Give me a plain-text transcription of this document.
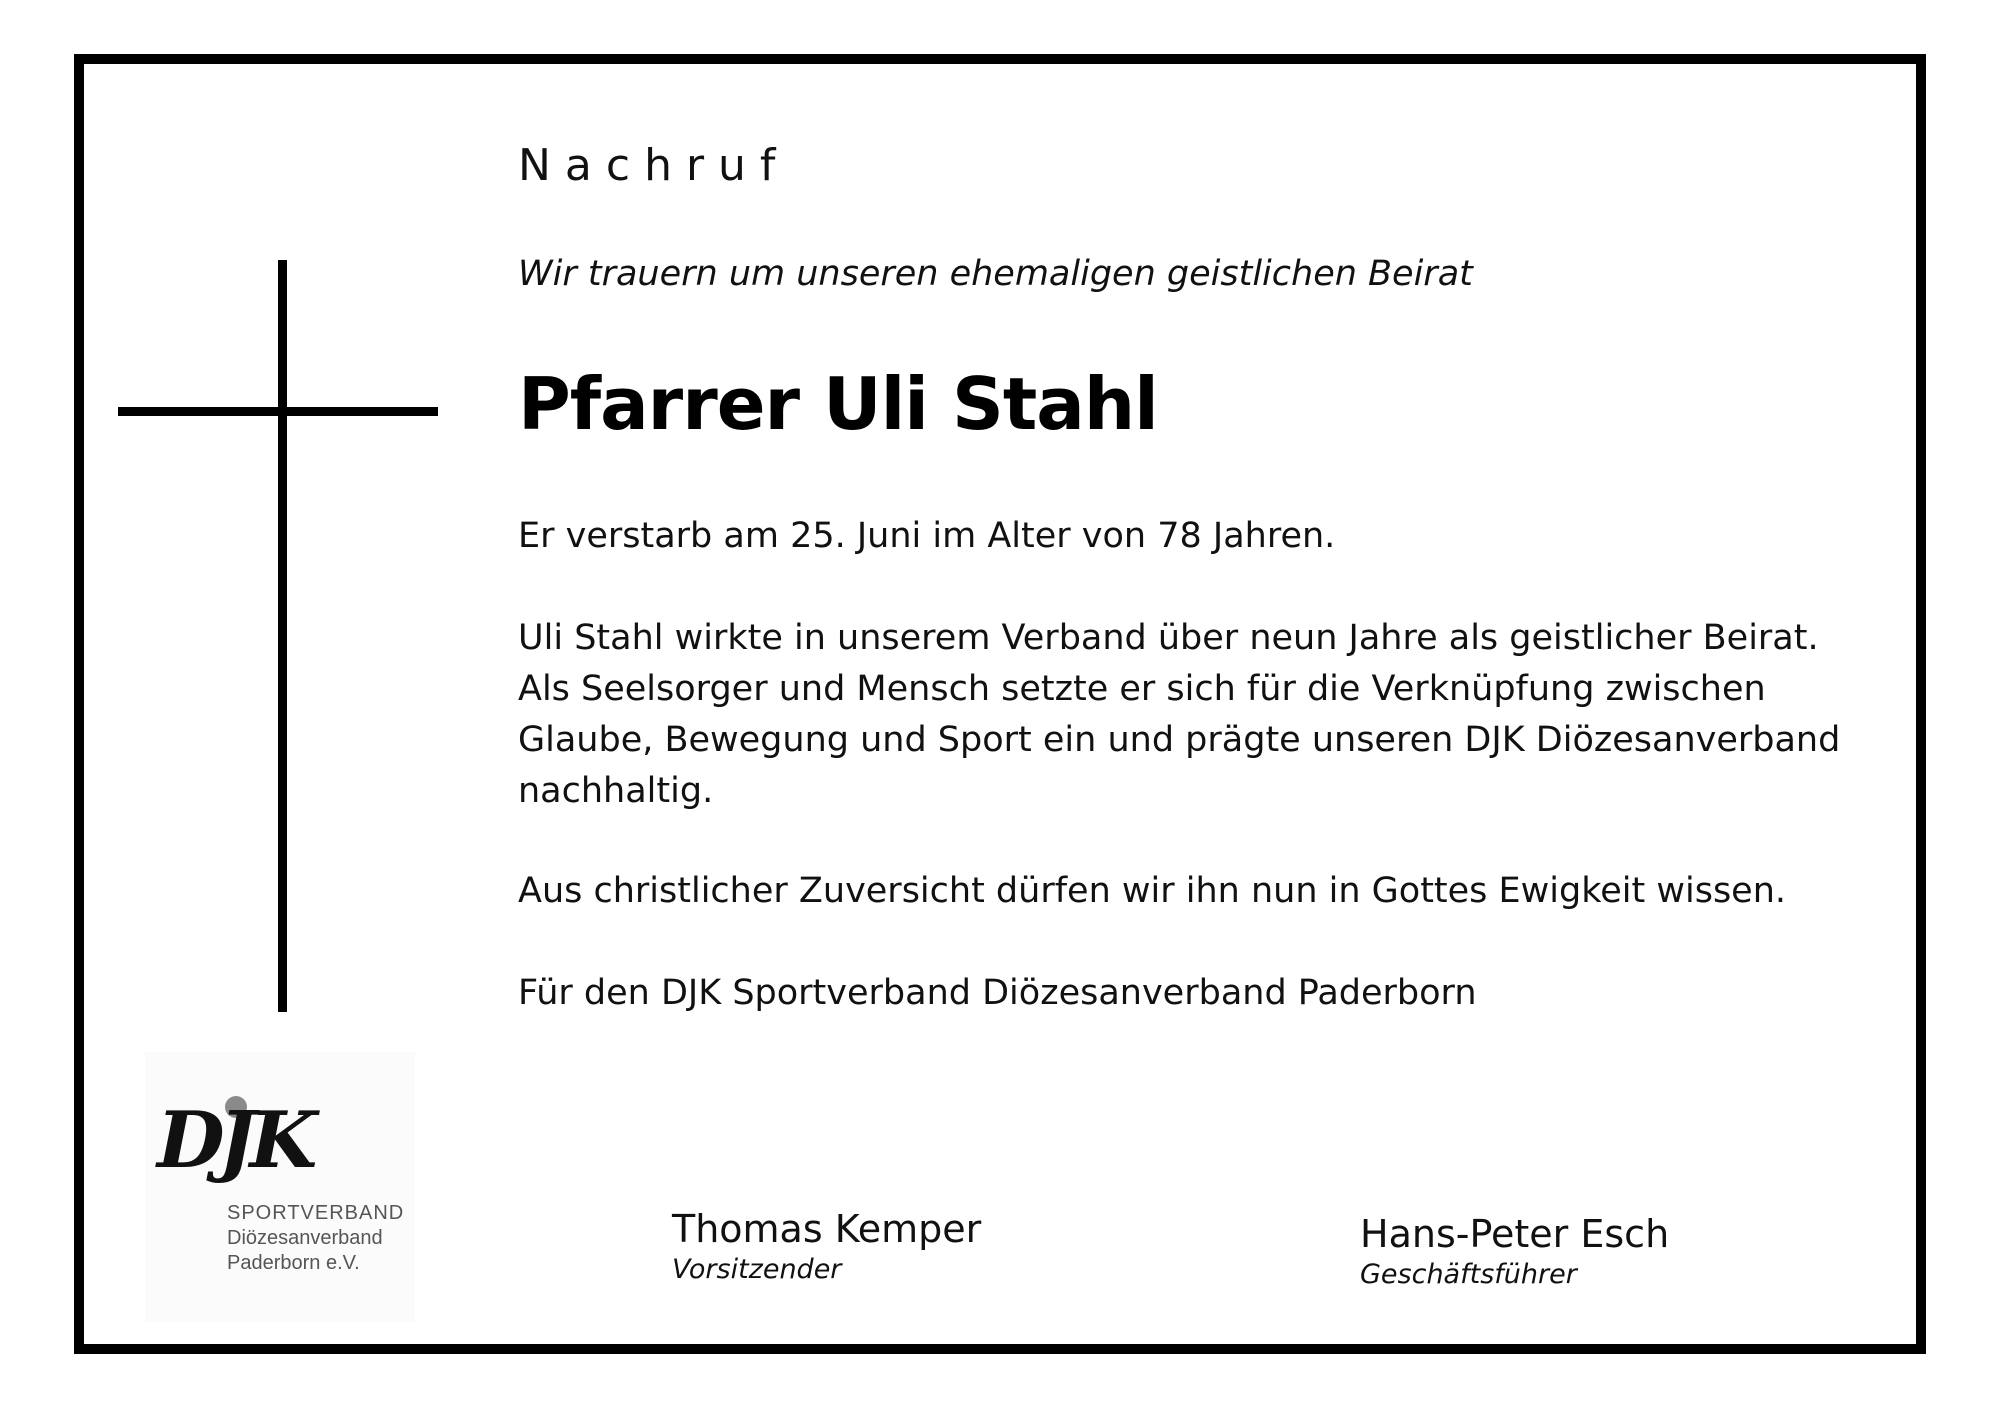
Nachruf
Wir trauern um unseren ehemaligen geistlichen Beirat
Pfarrer Uli Stahl

Er verstarb am 25. Juni im Alter von 78 Jahren.

Uli Stahl wirkte in unserem Verband über neun Jahre als geistlicher Beirat. Als Seelsorger und Mensch setzte er sich für die Verknüpfung zwischen Glaube, Bewegung und Sport ein und prägte unseren DJK Diözesanverband nachhaltig.

Aus christlicher Zuversicht dürfen wir ihn nun in Gottes Ewigkeit wissen.

Für den DJK Sportverband Diözesanverband Paderborn

DJK
SPORTVERBAND
Diözesanverband
Paderborn e.V.
Thomas Kemper
Vorsitzender
Hans-Peter Esch
Geschäftsführer
